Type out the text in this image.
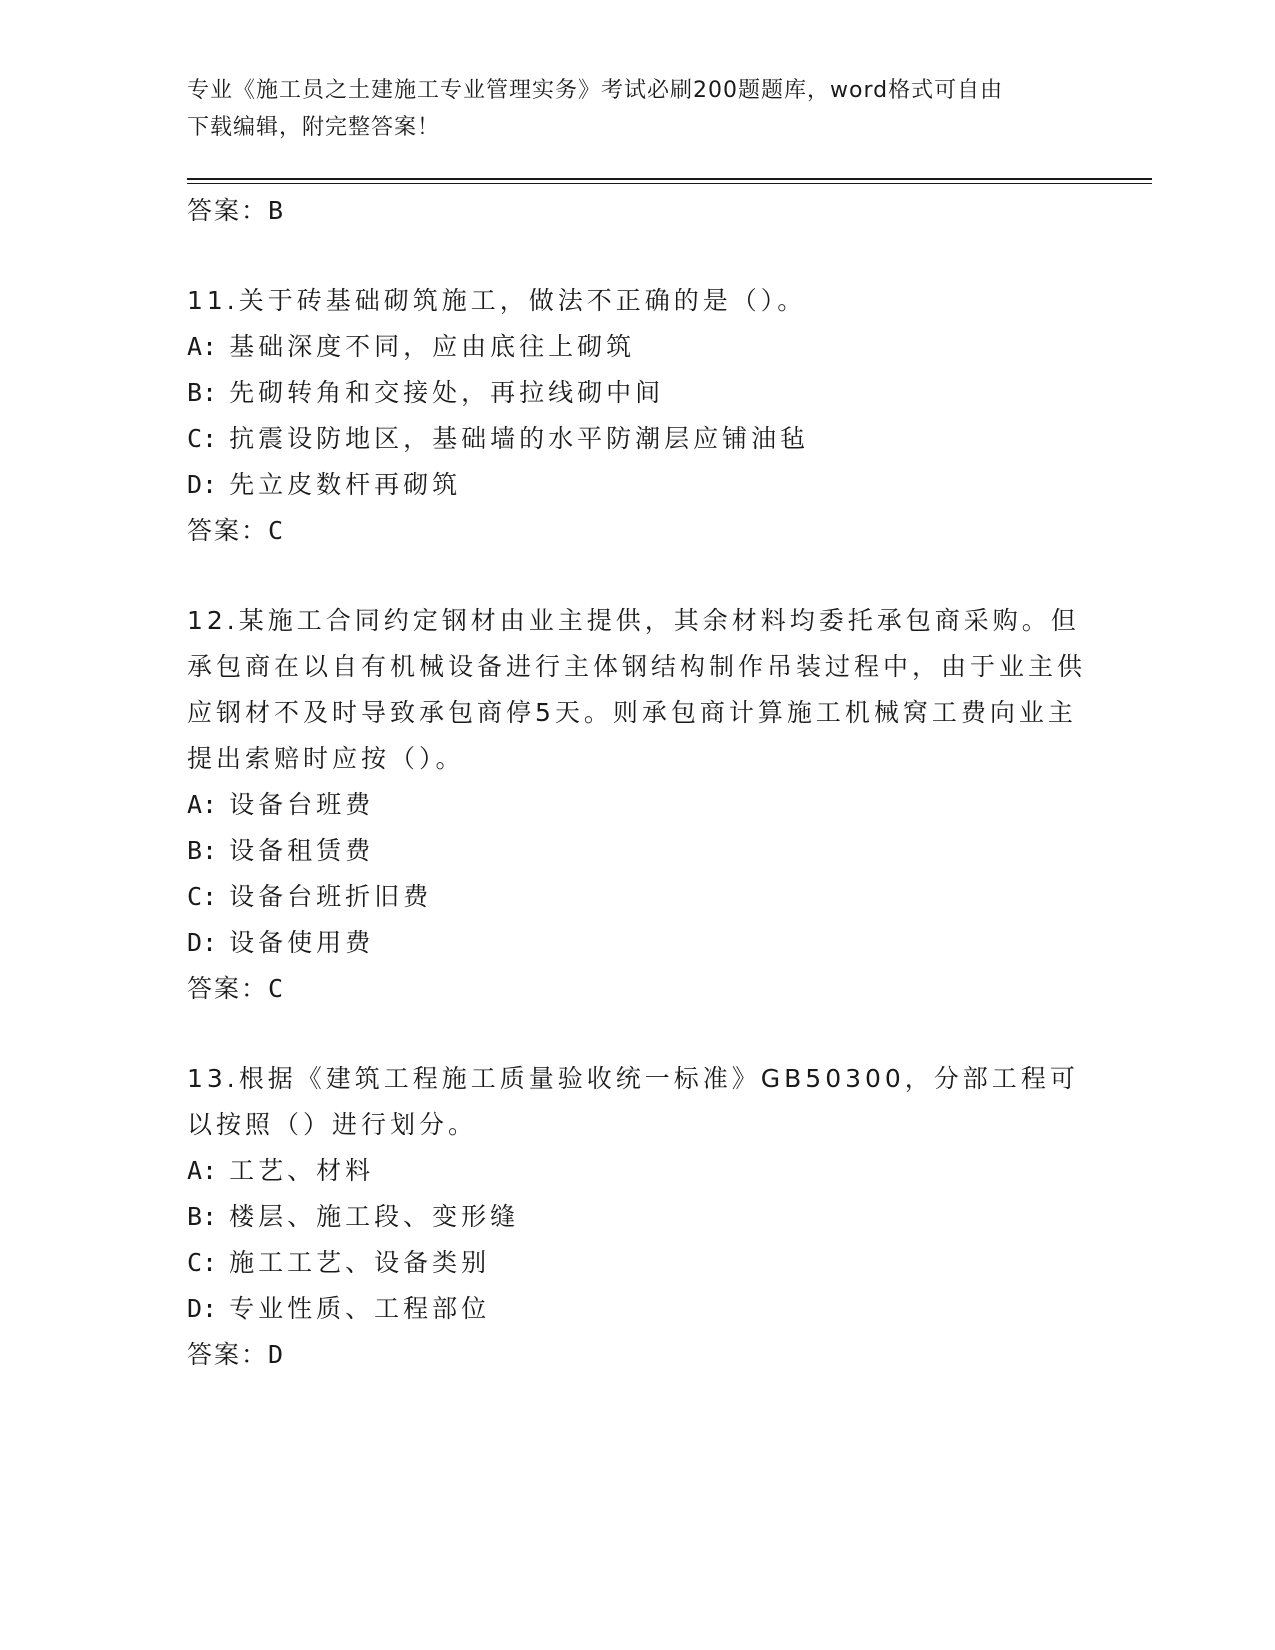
专业《施工员之土建施工专业管理实务》考试必刷200题题库，word格式可自由
下载编辑，附完整答案！
答案：B
11.关于砖基础砌筑施工，做法不正确的是（）。
A: 基础深度不同，应由底往上砌筑
B: 先砌转角和交接处，再拉线砌中间
C: 抗震设防地区，基础墙的水平防潮层应铺油毡
D: 先立皮数杆再砌筑
答案：C
12.某施工合同约定钢材由业主提供，其余材料均委托承包商采购。但承包商在以自有机械设备进行主体钢结构制作吊装过程中，由于业主供应钢材不及时导致承包商停5天。则承包商计算施工机械窝工费向业主提出索赔时应按（）。
A: 设备台班费
B: 设备租赁费
C: 设备台班折旧费
D: 设备使用费
答案：C
13.根据《建筑工程施工质量验收统一标准》GB50300，分部工程可以按照（）进行划分。
A: 工艺、材料
B: 楼层、施工段、变形缝
C: 施工工艺、设备类别
D: 专业性质、工程部位
答案：D
